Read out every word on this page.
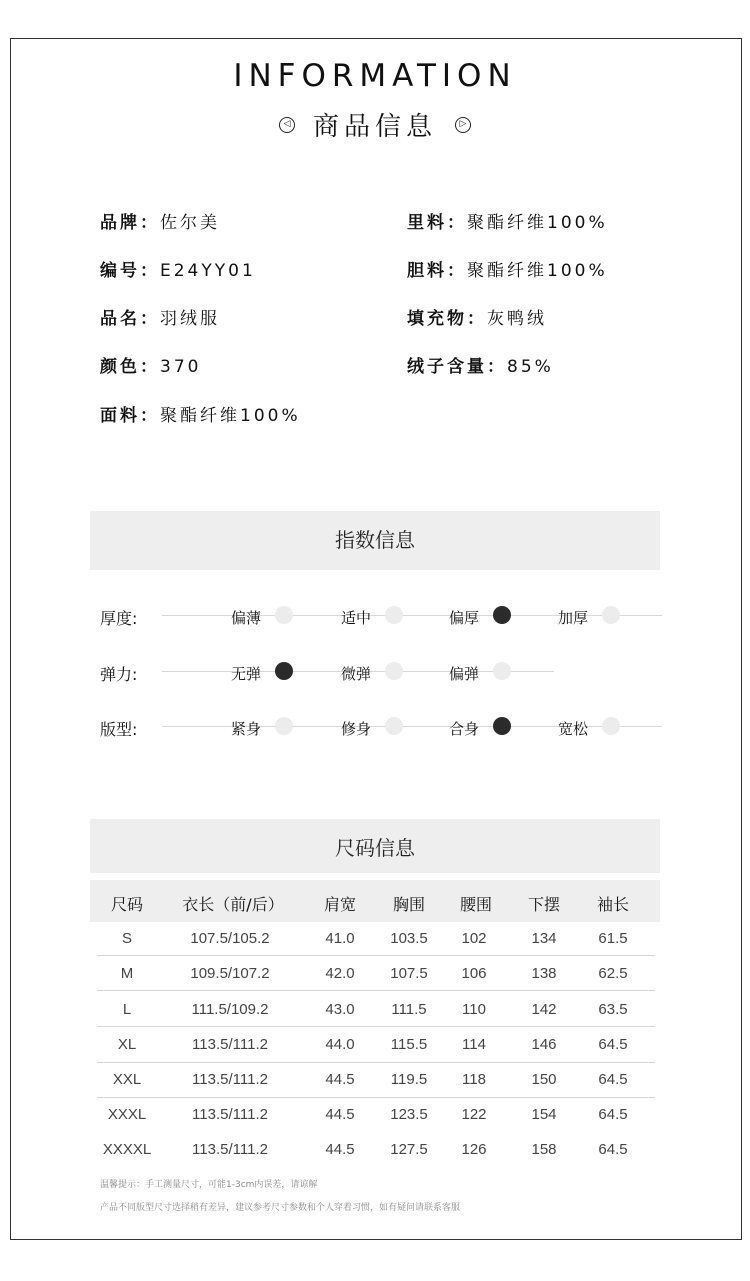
INFORMATION
◁ 商品信息	▷
品牌：佐尔美
编号：E24YY01
品名：羽绒服
颜色：370
面料：聚酯纤维100%
里料：聚酯纤维100%
胆料：聚酯纤维100%
填充物：灰鸭绒
绒子含量：85%
指数信息
厚度:	偏薄	适中	偏厚	加厚
弹力:	无弹	微弹	偏弹
版型:	紧身	修身	合身	宽松
尺码信息
尺码 衣长（前/后）	肩宽 胸围 腰围 下摆 袖长
S	107.5/105.2	41.0 103.5 102	134	61.5
M	109.5/107.2	42.0 107.5 106	138	62.5
L	111.5/109.2	43.0 111.5 110	142	63.5
XL	113.5/111.2	44.0 115.5 114	146	64.5
XXL	113.5/111.2	44.5 119.5 118	150	64.5
XXXL	113.5/111.2	44.5 123.5 122	154	64.5
XXXXL	113.5/111.2	44.5 127.5 126	158	64.5
温馨提示：手工测量尺寸，可能1-3cm内误差，请谅解
产品不同版型尺寸选择稍有差异，建议参考尺寸参数和个人穿着习惯，如有疑问请联系客服
